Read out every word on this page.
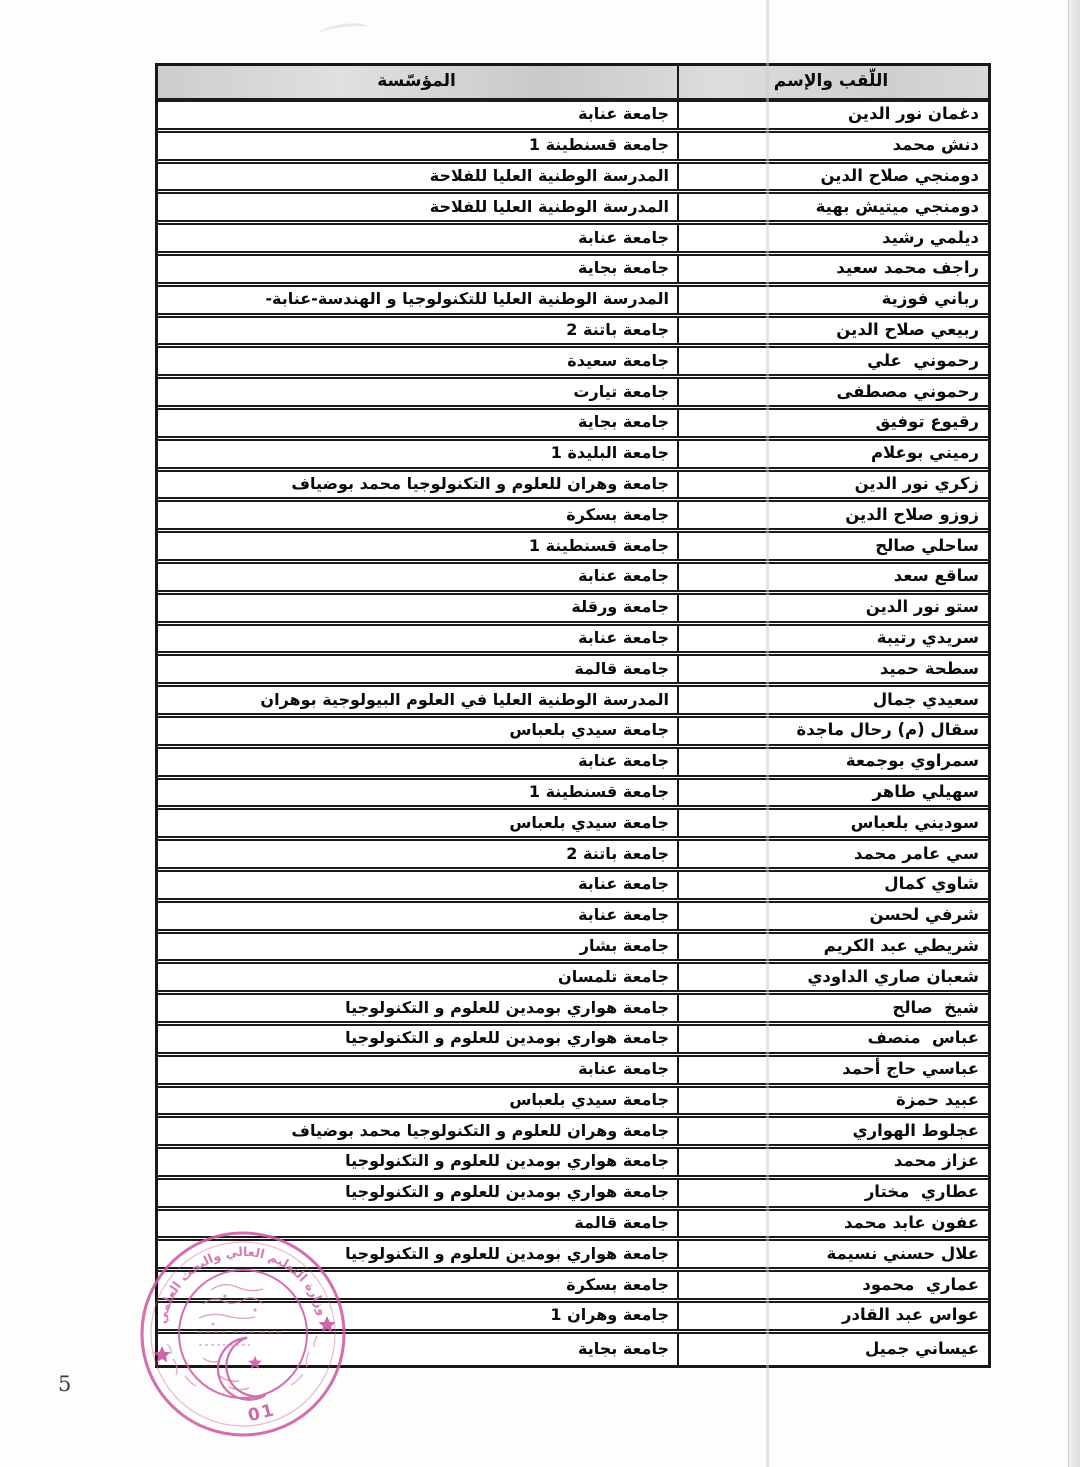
اللّقب والإسم
المؤسّسة
دغمان نور الدين
جامعة عنابة
دنش محمد
جامعة قسنطينة 1
دومنجي صلاح الدين
المدرسة الوطنية العليا للفلاحة
دومنجي ميتيش بهية
المدرسة الوطنية العليا للفلاحة
ديلمي رشيد
جامعة عنابة
راجف محمد سعيد
جامعة بجاية
رباني فوزية
المدرسة الوطنية العليا للتكنولوجيا و الهندسة-عنابة-
ربيعي صلاح الدين
جامعة باتنة 2
رحموني  علي
جامعة سعيدة
رحموني مصطفى
جامعة تيارت
رقيوع توفيق
جامعة بجاية
رميني بوعلام
جامعة البليدة 1
زكري نور الدين
جامعة وهران للعلوم و التكنولوجيا محمد بوضياف
زوزو صلاح الدين
جامعة بسكرة
ساحلي صالح
جامعة قسنطينة 1
ساقع سعد
جامعة عنابة
ستو نور الدين
جامعة ورقلة
سريدي رتيبة
جامعة عنابة
سطحة حميد
جامعة قالمة
سعيدي جمال
المدرسة الوطنية العليا في العلوم البيولوجية بوهران
سقال (م) رحال ماجدة
جامعة سيدي بلعباس
سمراوي بوجمعة
جامعة عنابة
سهيلي طاهر
جامعة قسنطينة 1
سوديني بلعباس
جامعة سيدي بلعباس
سي عامر محمد
جامعة باتنة 2
شاوي كمال
جامعة عنابة
شرفي لحسن
جامعة عنابة
شريطي عبد الكريم
جامعة بشار
شعبان صاري الداودي
جامعة تلمسان
شيخ  صالح
جامعة هواري بومدين للعلوم و التكنولوجيا
عباس  منصف
جامعة هواري بومدين للعلوم و التكنولوجيا
عباسي حاج أحمد
جامعة عنابة
عبيد حمزة
جامعة سيدي بلعباس
عجلوط الهواري
جامعة وهران للعلوم و التكنولوجيا محمد بوضياف
عزاز محمد
جامعة هواري بومدين للعلوم و التكنولوجيا
عطاري  مختار
جامعة هواري بومدين للعلوم و التكنولوجيا
عفون عابد محمد
جامعة قالمة
علال حسني نسيمة
جامعة هواري بومدين للعلوم و التكنولوجيا
عماري  محمود
جامعة بسكرة
عواس عبد القادر
جامعة وهران 1
عيساني جميل
جامعة بجاية
5
وزارة التعليم العالي والبحث العلمي
01
